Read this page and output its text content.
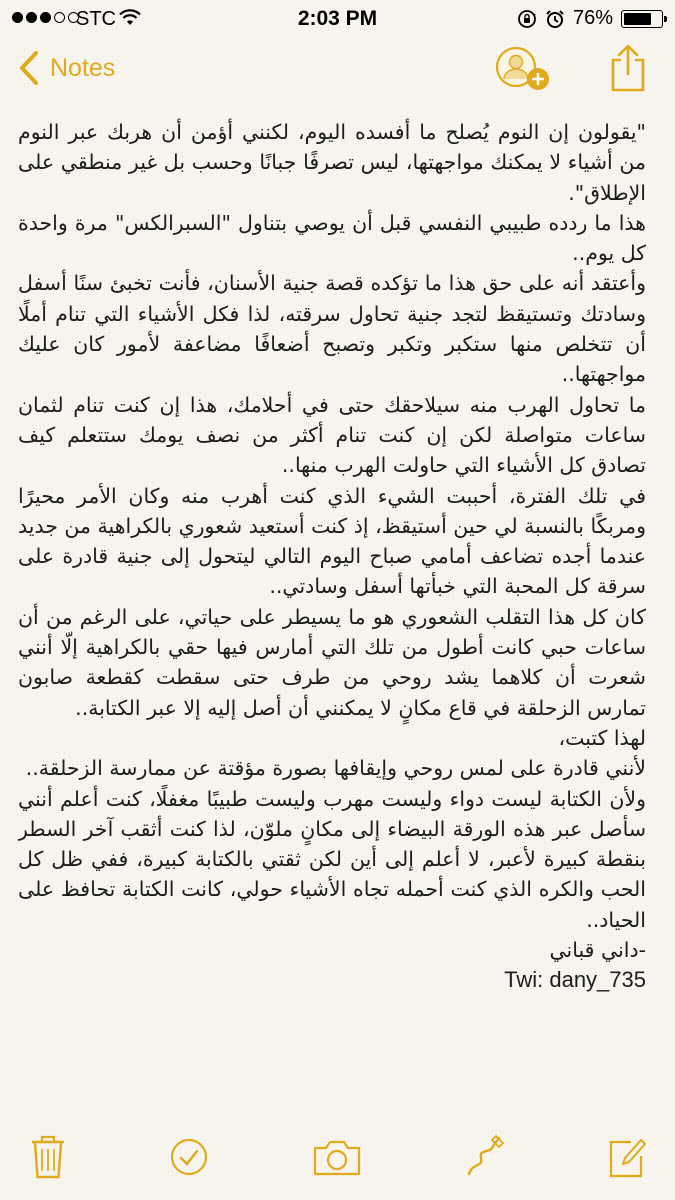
STC	2:03 PM	76%
Notes

"يقولون إن النوم يُصلح ما أفسده اليوم، لكنني أؤمن أن هربك عبر النوم من أشياء لا يمكنك مواجهتها، ليس تصرفًا جبانًا وحسب بل غير منطقي على الإطلاق".

هذا ما ردده طبيبي النفسي قبل أن يوصي بتناول "السبرالكس" مرة واحدة كل يوم..

وأعتقد أنه على حق هذا ما تؤكده قصة جنية الأسنان، فأنت تخبئ سنًا أسفل وسادتك وتستيقظ لتجد جنية تحاول سرقته، لذا فكل الأشياء التي تنام أملًا أن تتخلص منها ستكبر وتكبر وتصبح أضعافًا مضاعفة لأمور كان عليك مواجهتها..

ما تحاول الهرب منه سيلاحقك حتى في أحلامك، هذا إن كنت تنام لثمان ساعات متواصلة لكن إن كنت تنام أكثر من نصف يومك ستتعلم كيف تصادق كل الأشياء التي حاولت الهرب منها..

في تلك الفترة، أحببت الشيء الذي كنت أهرب منه وكان الأمر محيرًا ومربكًا بالنسبة لي حين أستيقظ، إذ كنت أستعيد شعوري بالكراهية من جديد عندما أجده تضاعف أمامي صباح اليوم التالي ليتحول إلى جنية قادرة على سرقة كل المحبة التي خبأتها أسفل وسادتي..

كان كل هذا التقلب الشعوري هو ما يسيطر على حياتي، على الرغم من أن ساعات حبي كانت أطول من تلك التي أمارس فيها حقي بالكراهية إلّا أنني شعرت أن كلاهما يشد روحي من طرف حتى سقطت كقطعة صابون تمارس الزحلقة في قاع مكانٍ لا يمكنني أن أصل إليه إلا عبر الكتابة..

لهذا كتبت،

لأنني قادرة على لمس روحي وإيقافها بصورة مؤقتة عن ممارسة الزحلقة..

ولأن الكتابة ليست دواء وليست مهرب وليست طبيبًا مغفلًا، كنت أعلم أنني سأصل عبر هذه الورقة البيضاء إلى مكانٍ ملوّن، لذا كنت أثقب آخر السطر بنقطة كبيرة لأعبر، لا أعلم إلى أين لكن ثقتي بالكتابة كبيرة، ففي ظل كل الحب والكره الذي كنت أحمله تجاه الأشياء حولي، كانت الكتابة تحافظ على الحياد..

-داني قباني

Twi: dany_735
